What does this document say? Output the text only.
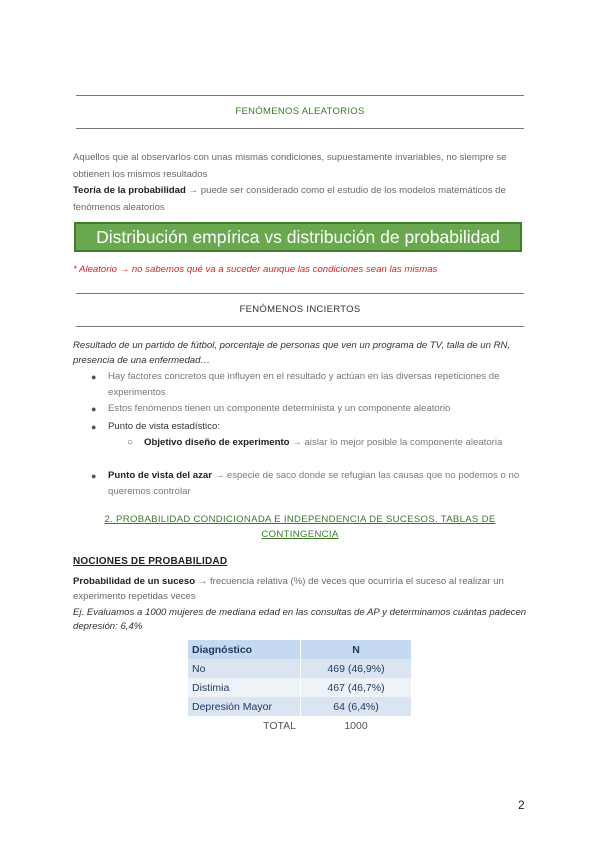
FENÓMENOS ALEATORIOS
Aquellos que al observarlos con unas mismas condiciones, supuestamente invariables, no siempre se obtienen los mismos resultados
Teoría de la probabilidad → puede ser considerado como el estudio de los modelos matemáticos de fenómenos aleatorios
Distribución empírica vs distribución de probabilidad
* Aleatorio → no sabemos qué va a suceder aunque las condiciones sean las mismas
FENÓMENOS INCIERTOS
Resultado de un partido de fútbol, porcentaje de personas que ven un programa de TV, talla de un RN, presencia de una enfermedad…
● Hay factores concretos que influyen en el resultado y actúan en las diversas repeticiones de experimentos
● Estos fenómenos tienen un componente determinista y un componente aleatorio
● Punto de vista estadístico:
○ Objetivo diseño de experimento → aislar lo mejor posible la componente aleatoria
● Punto de vista del azar → especie de saco donde se refugian las causas que no podemos o no queremos controlar
2. PROBABILIDAD CONDICIONADA E INDEPENDENCIA DE SUCESOS. TABLAS DE CONTINGENCIA
NOCIONES DE PROBABILIDAD
Probabilidad de un suceso → frecuencia relativa (%) de veces que ocurriría el suceso al realizar un experimento repetidas veces
Ej. Evaluamos a 1000 mujeres de mediana edad en las consultas de AP y determinamos cuántas padecen depresión: 6,4%
Diagnóstico	N
No	469 (46,9%)
Distimia	467 (46,7%)
Depresión Mayor	64 (6,4%)
TOTAL	1000
2
